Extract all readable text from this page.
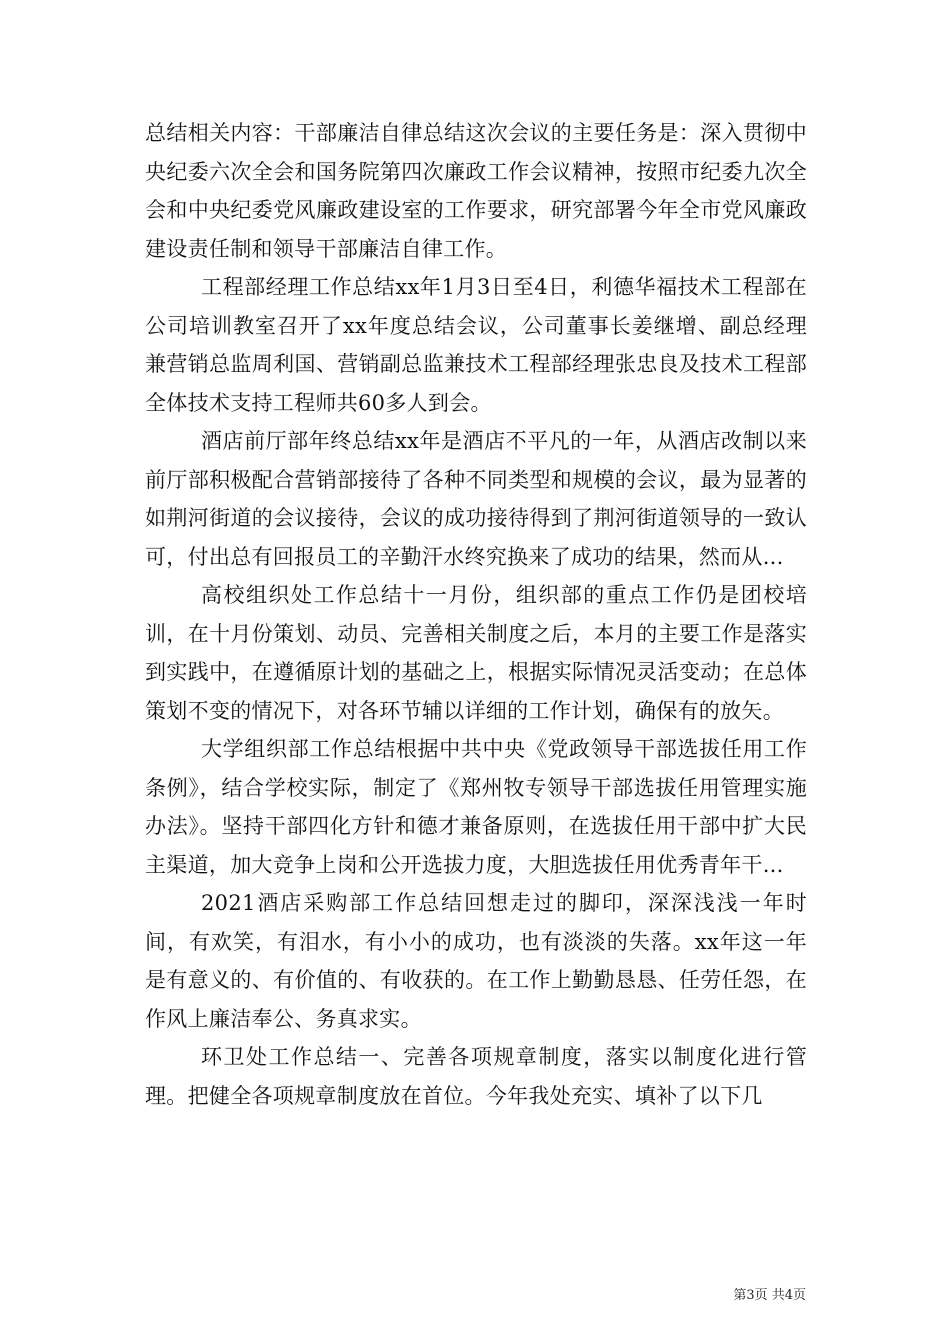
总结相关内容：干部廉洁自律总结这次会议的主要任务是：深入贯彻中央纪委六次全会和国务院第四次廉政工作会议精神，按照市纪委九次全会和中央纪委党风廉政建设室的工作要求，研究部署今年全市党风廉政建设责任制和领导干部廉洁自律工作。

工程部经理工作总结xx年1月3日至4日，利德华福技术工程部在公司培训教室召开了xx年度总结会议，公司董事长姜继增、副总经理兼营销总监周利国、营销副总监兼技术工程部经理张忠良及技术工程部全体技术支持工程师共60多人到会。

酒店前厅部年终总结xx年是酒店不平凡的一年，从酒店改制以来前厅部积极配合营销部接待了各种不同类型和规模的会议，最为显著的如荆河街道的会议接待，会议的成功接待得到了荆河街道领导的一致认可，付出总有回报员工的辛勤汗水终究换来了成功的结果，然而从...

高校组织处工作总结十一月份，组织部的重点工作仍是团校培训，在十月份策划、动员、完善相关制度之后，本月的主要工作是落实到实践中，在遵循原计划的基础之上，根据实际情况灵活变动；在总体策划不变的情况下，对各环节辅以详细的工作计划，确保有的放矢。

大学组织部工作总结根据中共中央《党政领导干部选拔任用工作条例》，结合学校实际，制定了《郑州牧专领导干部选拔任用管理实施办法》。坚持干部四化方针和德才兼备原则，在选拔任用干部中扩大民主渠道，加大竞争上岗和公开选拔力度，大胆选拔任用优秀青年干...

2021酒店采购部工作总结回想走过的脚印，深深浅浅一年时间，有欢笑，有泪水，有小小的成功，也有淡淡的失落。xx年这一年是有意义的、有价值的、有收获的。在工作上勤勤恳恳、任劳任怨，在作风上廉洁奉公、务真求实。

环卫处工作总结一、完善各项规章制度，落实以制度化进行管理。把健全各项规章制度放在首位。今年我处充实、填补了以下几

第3页 共4页
